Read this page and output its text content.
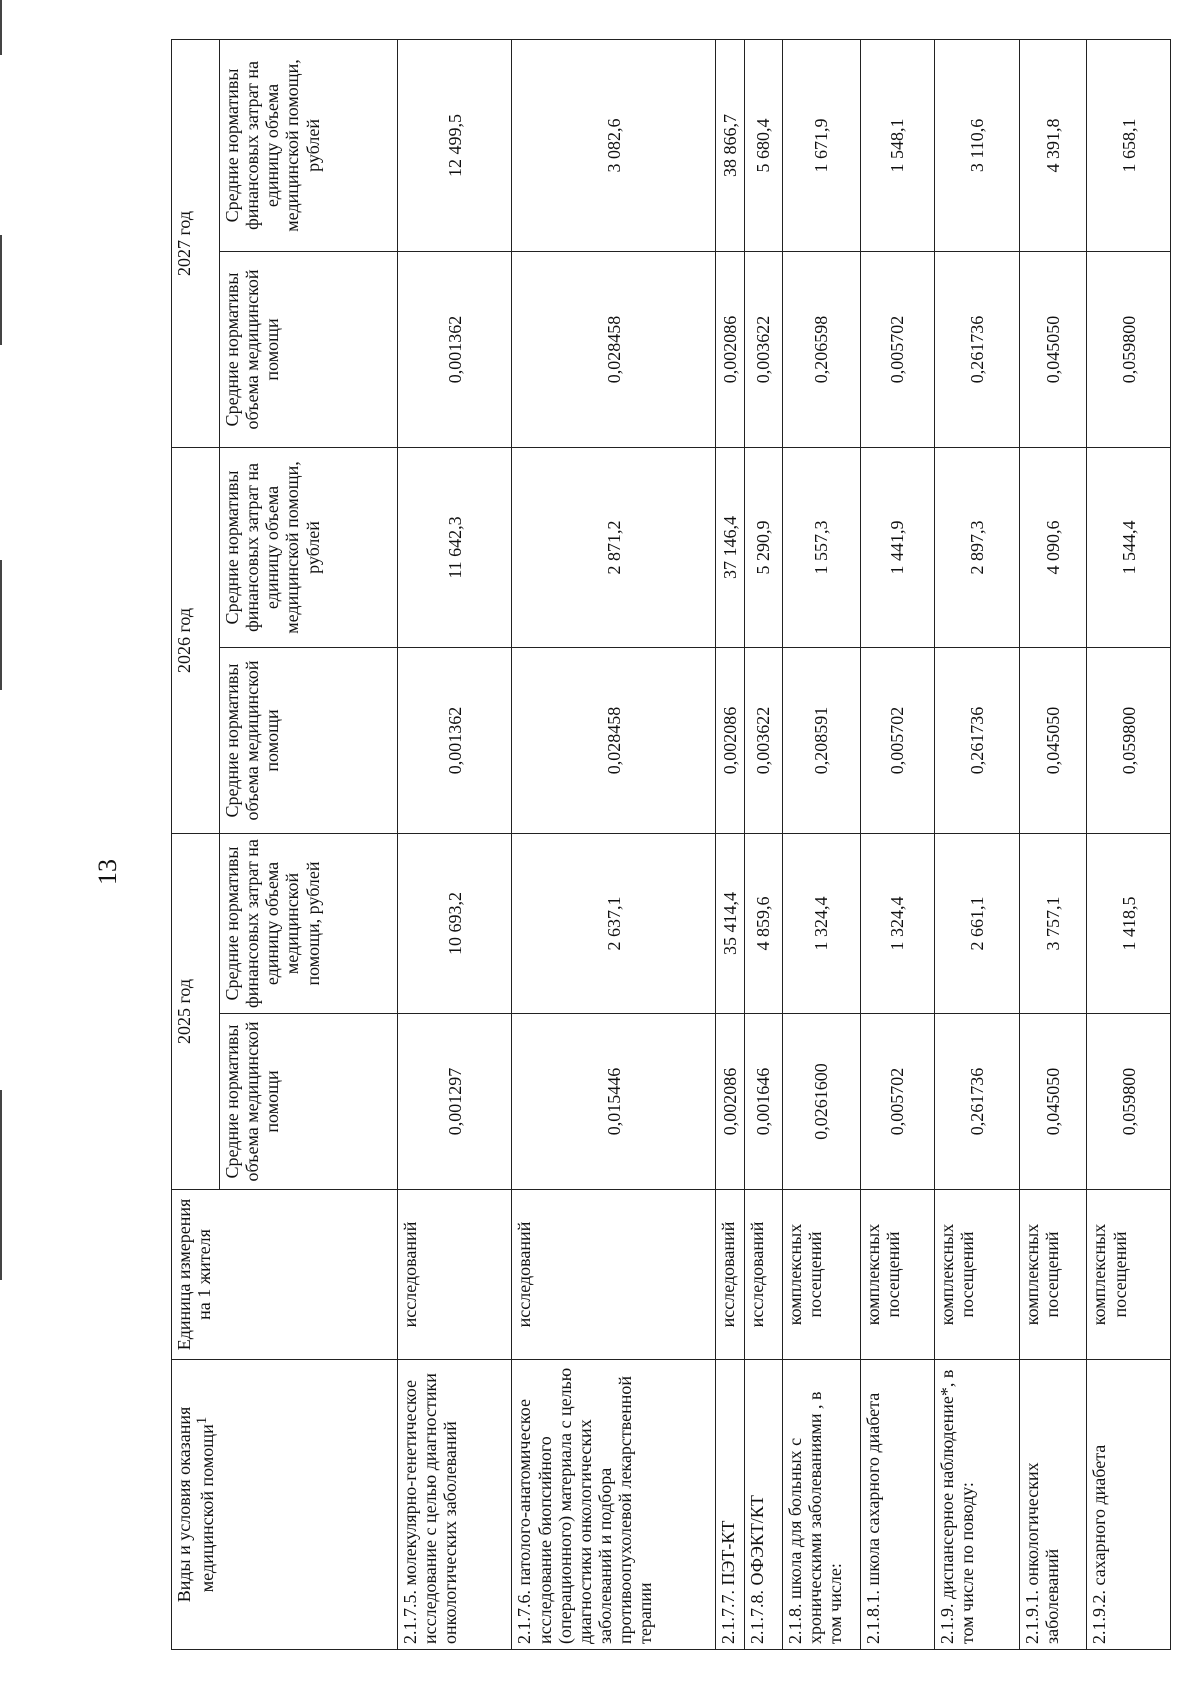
13
Виды и условия оказания медицинской помощи$^1$	Единица измерения на 1 жителя	2025 год		2026 год		2027 год	
		Средние нормативы объема медицинской помощи	Средние нормативы финансовых затрат на единицу объема медицинской помощи, рублей	Средние нормативы объема медицинской помощи	Средние нормативы финансовых затрат на единицу объема медицинской помощи, рублей	Средние нормативы объема медицинской помощи	Средние нормативы финансовых затрат на единицу объема медицинской помощи, рублей
2.1.7.5. молекулярно-генетическое исследование с целью диагностики онкологических заболеваний	исследований	0,001297	10 693,2	0,001362	11 642,3	0,001362	12 499,5
2.1.7.6. патолого-анатомическое исследование биопсийного (операционного) материала с целью диагностики онкологических заболеваний и подбора противоопухолевой лекарственной терапии	исследований	0,015446	2 637,1	0,028458	2 871,2	0,028458	3 082,6
2.1.7.7. ПЭТ-КТ	исследований	0,002086	35 414,4	0,002086	37 146,4	0,002086	38 866,7
2.1.7.8. ОФЭКТ/КТ	исследований	0,001646	4 859,6	0,003622	5 290,9	0,003622	5 680,4
2.1.8. школа для больных с хроническими заболеваниями , в том числе:	комплексных посещений	0,0261600	1 324,4	0,208591	1 557,3	0,206598	1 671,9
2.1.8.1. школа сахарного диабета	комплексных посещений	0,005702	1 324,4	0,005702	1 441,9	0,005702	1 548,1
2.1.9. диспансерное наблюдение*, в том числе по поводу:	комплексных посещений	0,261736	2 661,1	0,261736	2 897,3	0,261736	3 110,6
2.1.9.1. онкологических заболеваний	комплексных посещений	0,045050	3 757,1	0,045050	4 090,6	0,045050	4 391,8
2.1.9.2. сахарного диабета	комплексных посещений	0,059800	1 418,5	0,059800	1 544,4	0,059800	1 658,1
